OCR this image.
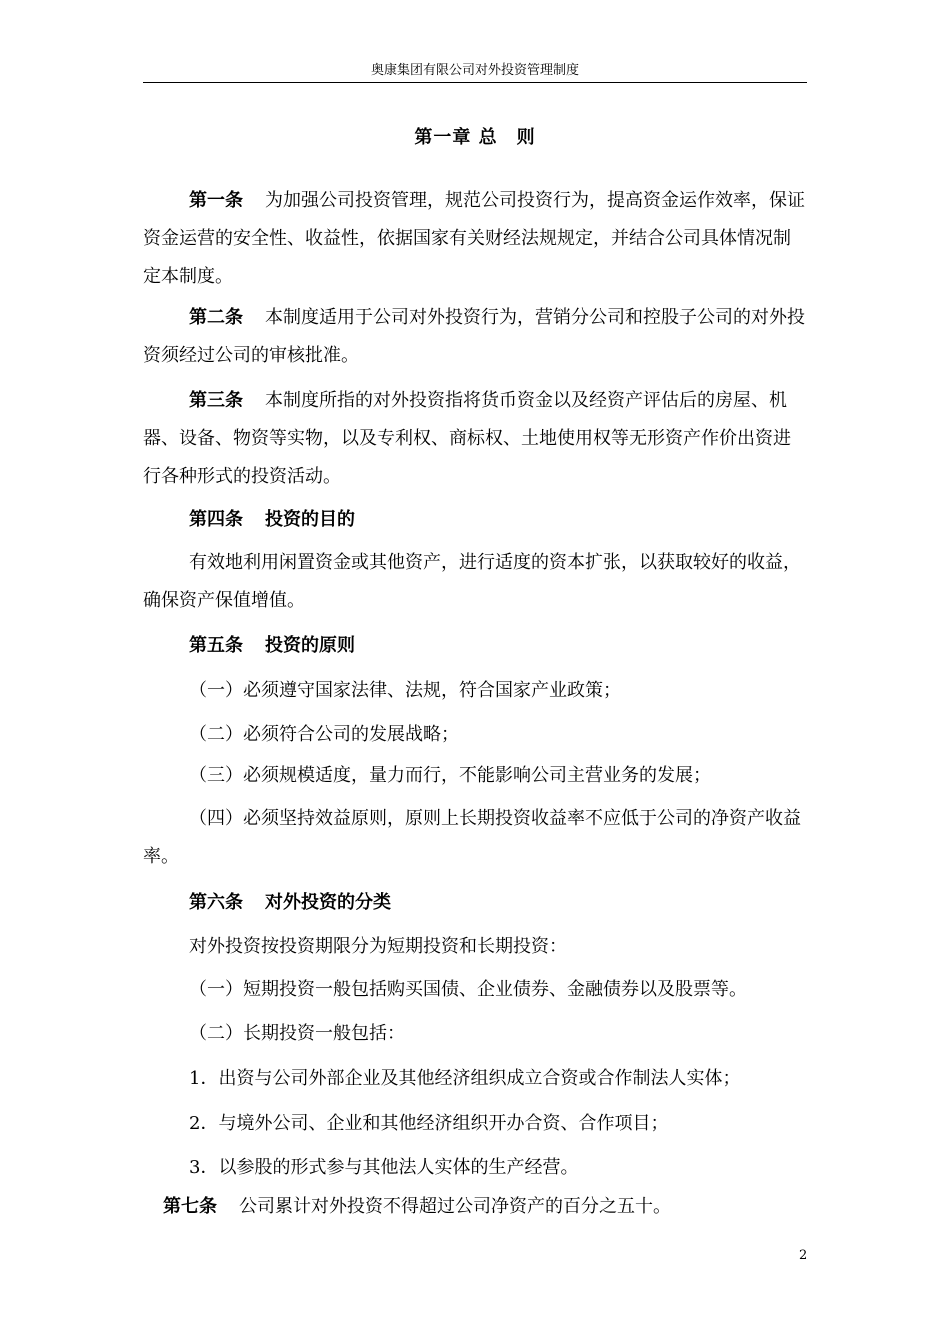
奥康集团有限公司对外投资管理制度
第一章 总　则

第一条 为加强公司投资管理，规范公司投资行为，提高资金运作效率，保证资金运营的安全性、收益性，依据国家有关财经法规规定，并结合公司具体情况制定本制度。

第二条 本制度适用于公司对外投资行为，营销分公司和控股子公司的对外投资须经过公司的审核批准。

第三条 本制度所指的对外投资指将货币资金以及经资产评估后的房屋、机器、设备、物资等实物，以及专利权、商标权、土地使用权等无形资产作价出资进行各种形式的投资活动。

第四条 投资的目的

有效地利用闲置资金或其他资产，进行适度的资本扩张，以获取较好的收益，确保资产保值增值。

第五条 投资的原则

（一）必须遵守国家法律、法规，符合国家产业政策；

（二）必须符合公司的发展战略；

（三）必须规模适度，量力而行，不能影响公司主营业务的发展；

（四）必须坚持效益原则，原则上长期投资收益率不应低于公司的净资产收益率。

第六条 对外投资的分类

对外投资按投资期限分为短期投资和长期投资：

（一）短期投资一般包括购买国债、企业债券、金融债券以及股票等。

（二）长期投资一般包括：

1．出资与公司外部企业及其他经济组织成立合资或合作制法人实体；

2．与境外公司、企业和其他经济组织开办合资、合作项目；

3．以参股的形式参与其他法人实体的生产经营。

第七条 公司累计对外投资不得超过公司净资产的百分之五十。

2
